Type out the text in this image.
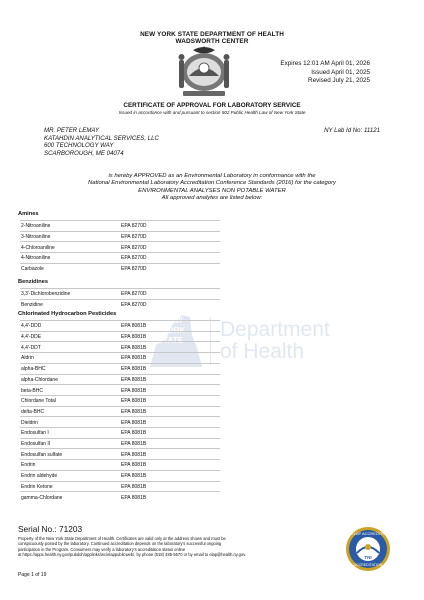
NEW YORK STATE DEPARTMENT OF HEALTH
WADSWORTH CENTER
Expires 12:01 AM April 01, 2026
Issued April 01, 2025
Revised July 21, 2025
CERTIFICATE OF APPROVAL FOR LABORATORY SERVICE
Issued in accordance with and pursuant to section 502 Public Health Law of New York State
MR. PETER LEMAY
KATAHDIN ANALYTICAL SERVICES, LLC
600 TECHNOLOGY WAY
SCARBOROUGH, ME 04074
NY Lab Id No: 11121
is hereby APPROVED as an Environmental Laboratory in conformance with the
National Environmental Laboratory Accreditation Conference Standards (2016) for the category
ENVIRONMENTAL ANALYSES NON POTABLE WATER
All approved analytes are listed below:
NEW
YORK
STATE Department
of Health
Amines
2-Nitroaniline	EPA 8270D
3-Nitroaniline	EPA 8270D
4-Chloroaniline	EPA 8270D
4-Nitroaniline	EPA 8270D
Carbazole	EPA 8270D
Benzidines
3,3'-Dichlorobenzidine	EPA 8270D
Benzidine	EPA 8270D
Chlorinated Hydrocarbon Pesticides
4,4'-DDD	EPA 8081B
4,4'-DDE	EPA 8081B
4,4'-DDT	EPA 8081B
Aldrin	EPA 8081B
alpha-BHC	EPA 8081B
alpha-Chlordane	EPA 8081B
beta-BHC	EPA 8081B
Chlordane Total	EPA 8081B
delta-BHC	EPA 8081B
Dieldrin	EPA 8081B
Endosulfan I	EPA 8081B
Endosulfan II	EPA 8081B
Endosulfan sulfate	EPA 8081B
Endrin	EPA 8081B
Endrin aldehyde	EPA 8081B
Endrin Ketone	EPA 8081B
gamma-Chlordane	EPA 8081B
Serial No.: 71203
Property of the New York State Department of Health. Certificates are valid only at the address shown and must be
conspicuously posted by the laboratory. Continued accreditation depends on the laboratory's successful ongoing
participation in the Program. Consumers may verify a laboratory's accreditation status online
at https://apps.health.ny.gov/pubdoh/applinks/wc/elappublicweb/, by phone (518) 485-5570 or by email to elap@health.ny.gov.
Page 1 of 19
NELAP ACCREDITED
ACCREDITATION
TNI
